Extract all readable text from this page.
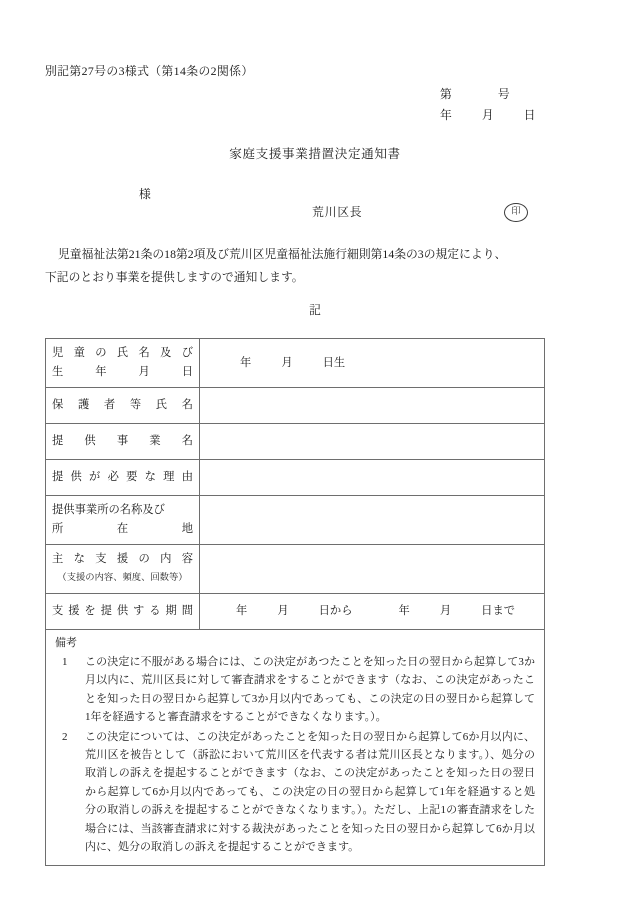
別記第27号の3様式（第14条の2関係）
第	号
年	月	日
家庭支援事業措置決定通知書
様
荒川区長	印
児童福祉法第21条の18第2項及び荒川区児童福祉法施行細則第14条の3の規定により、
下記のとおり事業を提供しますので通知します。
記
児童の氏名及び
生年月日	年 月 日生

保護者等氏名	

提供事業名	

提供が必要な理由	

提供事業所の名称及び
所在地	

主な支援の内容
（支援の内容、頻度、回数等）	

支援を提供する期間	年 月 日から 年 月 日まで

備考
1 この決定に不服がある場合には、この決定があつたことを知った日の翌日から起算して3か月以内に、荒川区長に対して審査請求をすることができます（なお、この決定があったことを知った日の翌日から起算して3か月以内であっても、この決定の日の翌日から起算して1年を経過すると審査請求をすることができなくなります。）。
2 この決定については、この決定があったことを知った日の翌日から起算して6か月以内に、荒川区を被告として（訴訟において荒川区を代表する者は荒川区長となります。）、処分の取消しの訴えを提起することができます（なお、この決定があったことを知った日の翌日から起算して6か月以内であっても、この決定の日の翌日から起算して1年を経過すると処分の取消しの訴えを提起することができなくなります。）。ただし、上記1の審査請求をした場合には、当該審査請求に対する裁決があったことを知った日の翌日から起算して6か月以内に、処分の取消しの訴えを提起することができます。	
